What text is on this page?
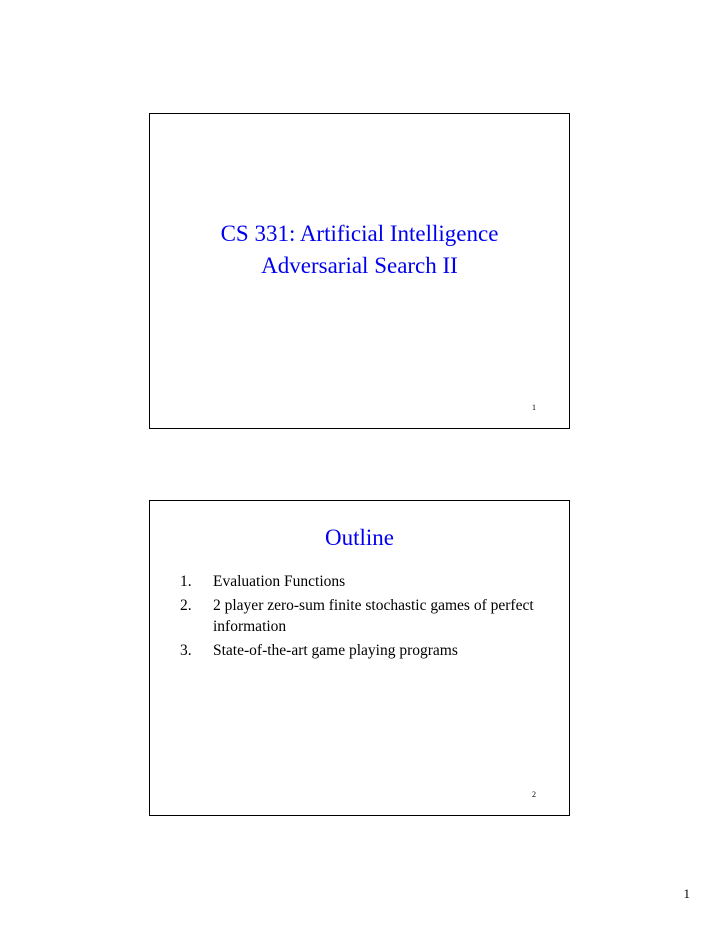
CS 331: Artificial Intelligence
Adversarial Search II
1
Outline
1. Evaluation Functions
2. 2 player zero-sum finite stochastic games of perfect information
3. State-of-the-art game playing programs
2
1
